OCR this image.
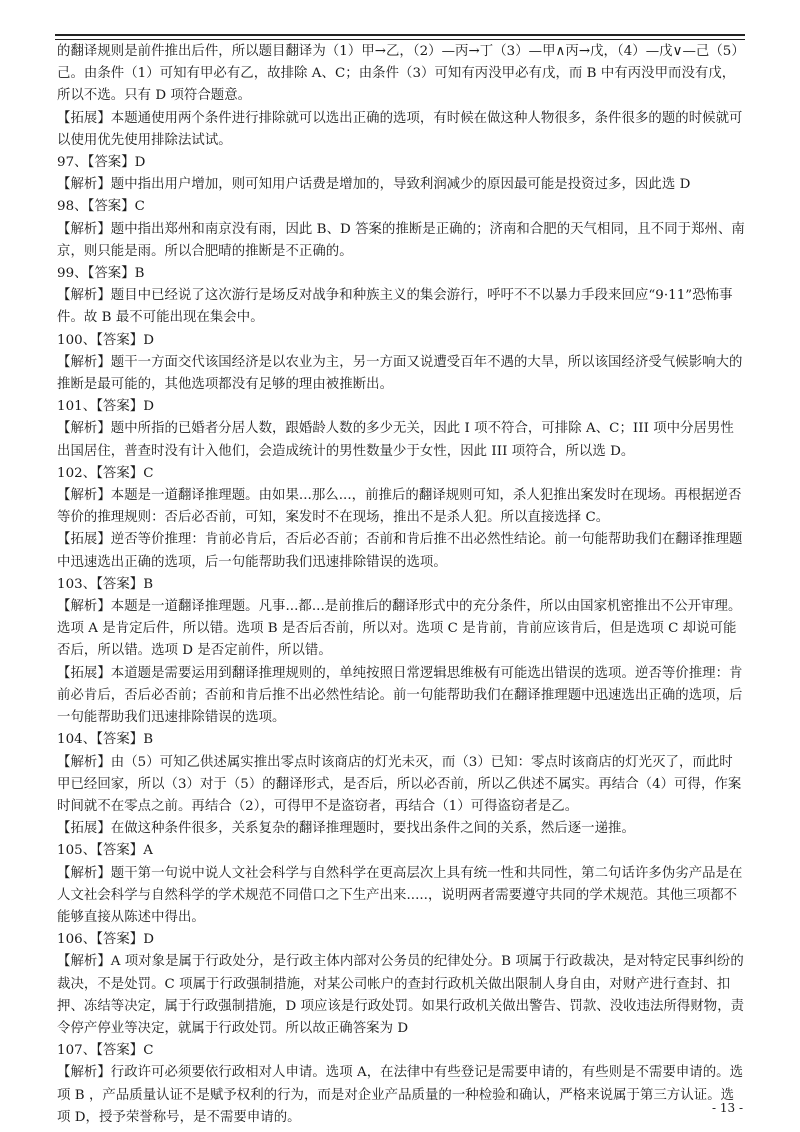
的翻译规则是前件推出后件，所以题目翻译为（1）甲→乙，（2）—丙→丁（3）—甲∧丙→戊，（4）—戊∨—己（5）己。由条件（1）可知有甲必有乙，故排除 A、C；由条件（3）可知有丙没甲必有戊，而 B 中有丙没甲而没有戊，所以不选。只有 D 项符合题意。

【拓展】本题通使用两个条件进行排除就可以选出正确的选项，有时候在做这种人物很多，条件很多的题的时候就可以使用优先使用排除法试试。

97、【答案】D

【解析】题中指出用户增加，则可知用户话费是增加的，导致利润减少的原因最可能是投资过多，因此选 D

98、【答案】C

【解析】题中指出郑州和南京没有雨，因此 B、D 答案的推断是正确的；济南和合肥的天气相同，且不同于郑州、南京，则只能是雨。所以合肥晴的推断是不正确的。

99、【答案】B

【解析】题目中已经说了这次游行是场反对战争和种族主义的集会游行，呼吁不不以暴力手段来回应“9·11”恐怖事件。故 B 最不可能出现在集会中。

100、【答案】D

【解析】题干一方面交代该国经济是以农业为主，另一方面又说遭受百年不遇的大旱，所以该国经济受气候影响大的推断是最可能的，其他选项都没有足够的理由被推断出。

101、【答案】D

【解析】题中所指的已婚者分居人数，跟婚龄人数的多少无关，因此 I 项不符合，可排除 A、C；III 项中分居男性出国居住，普查时没有计入他们，会造成统计的男性数量少于女性，因此 III 项符合，所以选 D。

102、【答案】C

【解析】本题是一道翻译推理题。由如果...那么...，前推后的翻译规则可知，杀人犯推出案发时在现场。再根据逆否等价的推理规则：否后必否前，可知，案发时不在现场，推出不是杀人犯。所以直接选择 C。

【拓展】逆否等价推理：肯前必肯后，否后必否前；否前和肯后推不出必然性结论。前一句能帮助我们在翻译推理题中迅速选出正确的选项，后一句能帮助我们迅速排除错误的选项。

103、【答案】B

【解析】本题是一道翻译推理题。凡事...都...是前推后的翻译形式中的充分条件，所以由国家机密推出不公开审理。选项 A 是肯定后件，所以错。选项 B 是否后否前，所以对。选项 C 是肯前，肯前应该肯后，但是选项 C 却说可能否后，所以错。选项 D 是否定前件，所以错。

【拓展】本道题是需要运用到翻译推理规则的，单纯按照日常逻辑思维极有可能选出错误的选项。逆否等价推理：肯前必肯后，否后必否前；否前和肯后推不出必然性结论。前一句能帮助我们在翻译推理题中迅速选出正确的选项，后一句能帮助我们迅速排除错误的选项。

104、【答案】B

【解析】由（5）可知乙供述属实推出零点时该商店的灯光未灭，而（3）已知：零点时该商店的灯光灭了，而此时甲已经回家，所以（3）对于（5）的翻译形式，是否后，所以必否前，所以乙供述不属实。再结合（4）可得，作案时间就不在零点之前。再结合（2），可得甲不是盗窃者，再结合（1）可得盗窃者是乙。

【拓展】在做这种条件很多，关系复杂的翻译推理题时，要找出条件之间的关系，然后逐一递推。

105、【答案】A

【解析】题干第一句说中说人文社会科学与自然科学在更高层次上具有统一性和共同性，第二句话许多伪劣产品是在人文社会科学与自然科学的学术规范不同借口之下生产出来.....，说明两者需要遵守共同的学术规范。其他三项都不能够直接从陈述中得出。

106、【答案】D

【解析】A 项对象是属于行政处分，是行政主体内部对公务员的纪律处分。B 项属于行政裁决，是对特定民事纠纷的裁决，不是处罚。C 项属于行政强制措施，对某公司帐户的查封行政机关做出限制人身自由，对财产进行查封、扣押、冻结等决定，属于行政强制措施，D 项应该是行政处罚。如果行政机关做出警告、罚款、没收违法所得财物，责令停产停业等决定，就属于行政处罚。所以故正确答案为 D

107、【答案】C

【解析】行政许可必须要依行政相对人申请。选项 A，在法律中有些登记是需要申请的，有些则是不需要申请的。选项 B ，产品质量认证不是赋予权利的行为，而是对企业产品质量的一种检验和确认，严格来说属于第三方认证。选项 D，授予荣誉称号，是不需要申请的。

- 13 -
